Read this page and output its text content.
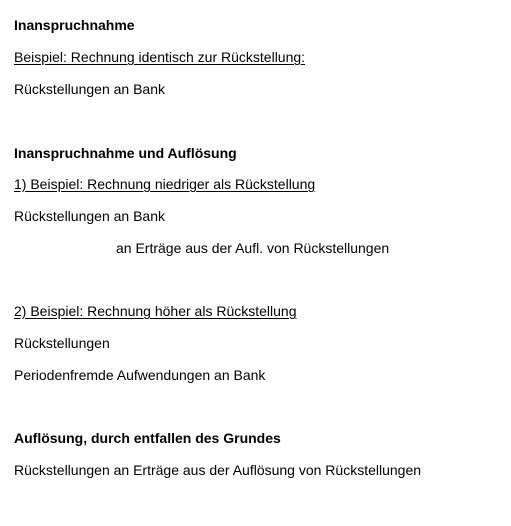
Inanspruchnahme
Beispiel: Rechnung identisch zur Rückstellung:
Rückstellungen an Bank
Inanspruchnahme und Auflösung
1) Beispiel: Rechnung niedriger als Rückstellung
Rückstellungen an Bank
an Erträge aus der Aufl. von Rückstellungen
2) Beispiel: Rechnung höher als Rückstellung
Rückstellungen
Periodenfremde Aufwendungen an Bank
Auflösung, durch entfallen des Grundes
Rückstellungen an Erträge aus der Auflösung von Rückstellungen
